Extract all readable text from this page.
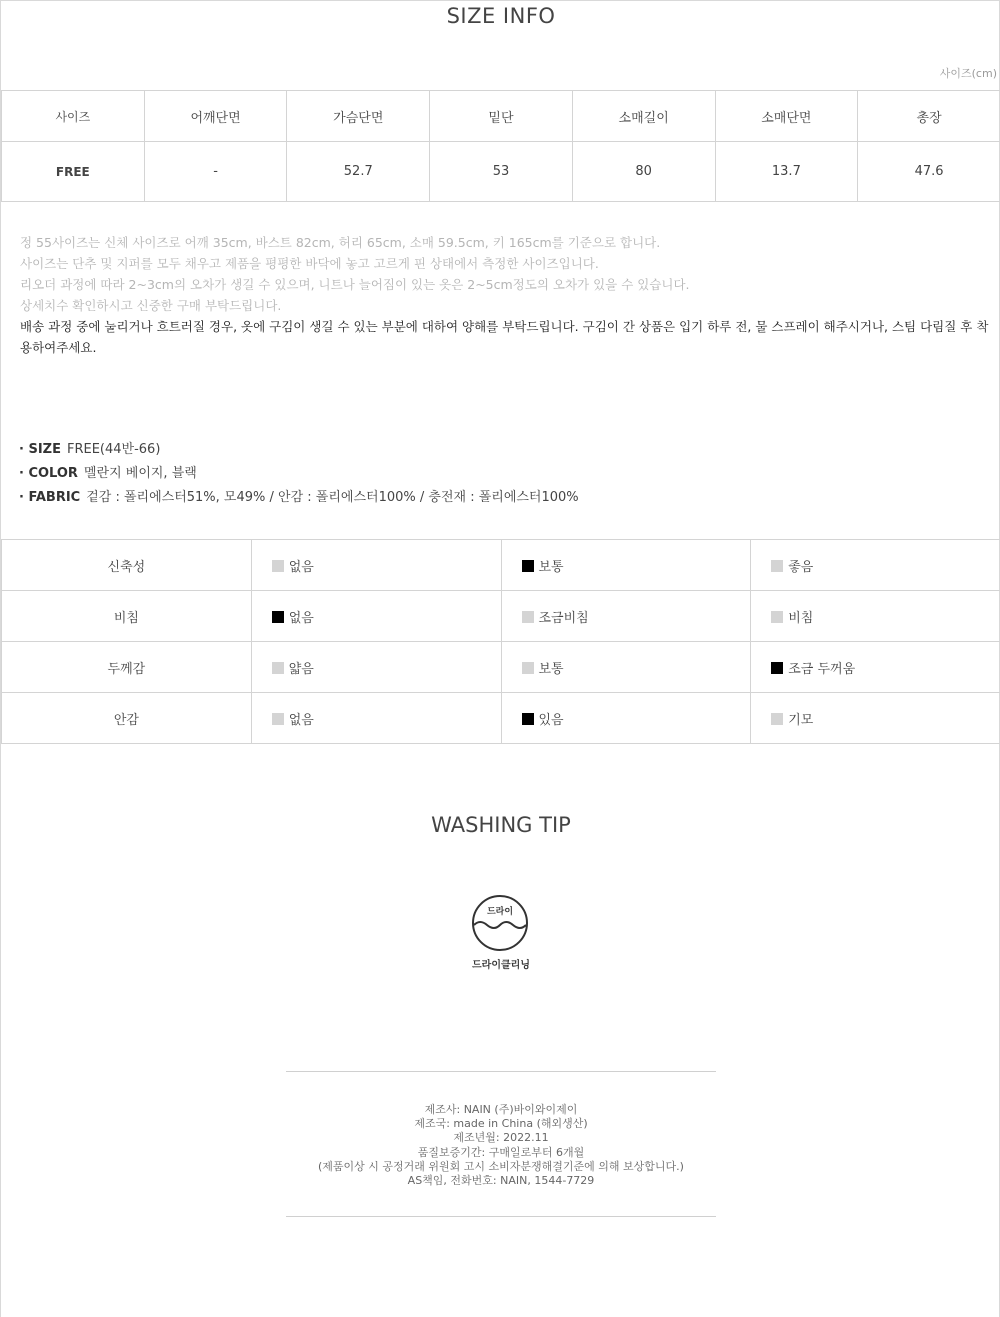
SIZE INFO
사이즈(cm)
사이즈	어깨단면	가슴단면	밑단	소매길이	소매단면	총장
FREE	-	52.7	53	80	13.7	47.6
정 55사이즈는 신체 사이즈로 어깨 35cm, 바스트 82cm, 허리 65cm, 소매 59.5cm, 키 165cm를 기준으로 합니다.
사이즈는 단추 및 지퍼를 모두 채우고 제품을 평평한 바닥에 놓고 고르게 핀 상태에서 측정한 사이즈입니다.
리오더 과정에 따라 2~3cm의 오차가 생길 수 있으며, 니트나 늘어짐이 있는 옷은 2~5cm정도의 오차가 있을 수 있습니다.
상세치수 확인하시고 신중한 구매 부탁드립니다.
배송 과정 중에 눌리거나 흐트러질 경우, 옷에 구김이 생길 수 있는 부분에 대하여 양해를 부탁드립니다. 구김이 간 상품은 입기 하루 전, 물 스프레이 해주시거나, 스팀 다림질 후 착용하여주세요.
· SIZE FREE(44반-66)
· COLOR 멜란지 베이지, 블랙
· FABRIC 겉감 : 폴리에스터51%, 모49% / 안감 : 폴리에스터100% / 충전재 : 폴리에스터100%
신축성	없음	보통	좋음
비침	없음	조금비침	비침
두께감	얇음	보통	조금 두꺼움
안감	없음	있음	기모
WASHING TIP
드라이
드라이클리닝
제조사: NAIN (주)바이와이제이
제조국: made in China (해외생산)
제조년월: 2022.11
품질보증기간: 구매일로부터 6개월
(제품이상 시 공정거래 위원회 고시 소비자분쟁해결기준에 의해 보상합니다.)
AS책임, 전화번호: NAIN, 1544-7729
